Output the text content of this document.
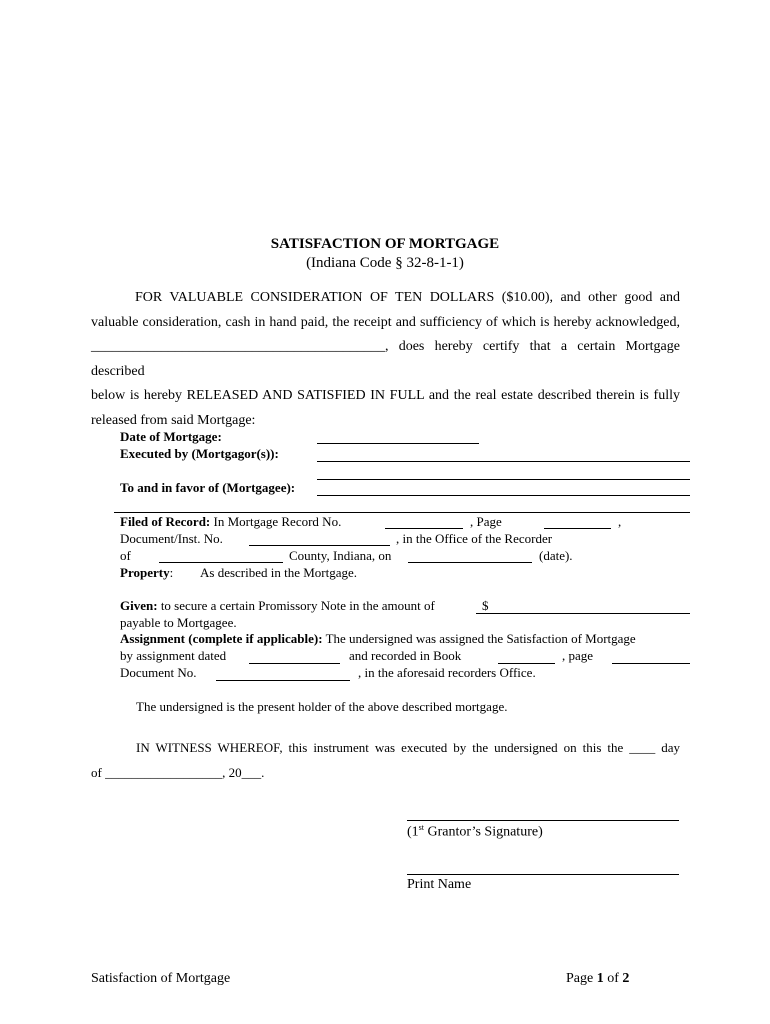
SATISFACTION OF MORTGAGE
(Indiana Code § 32-8-1-1)
FOR VALUABLE CONSIDERATION OF TEN DOLLARS ($10.00), and other good and
valuable consideration, cash in hand paid, the receipt and sufficiency of which is hereby acknowledged,
__________________________________________, does hereby certify that a certain Mortgage described
below is hereby RELEASED AND SATISFIED IN FULL and the real estate described therein is fully
released from said Mortgage:
Date of Mortgage:
Executed by (Mortgagor(s)):
To and in favor of (Mortgagee):
Filed of Record: In Mortgage Record No.	, Page	,
Document/Inst. No.	, in the Office of the Recorder
of	County, Indiana, on	(date).
Property: As described in the Mortgage.
Given: to secure a certain Promissory Note in the amount of	$
payable to Mortgagee.
Assignment (complete if applicable): The undersigned was assigned the Satisfaction of Mortgage
by assignment dated	and recorded in Book	, page
Document No.	, in the aforesaid recorders Office.
The undersigned is the present holder of the above described mortgage.
IN WITNESS WHEREOF, this instrument was executed by the undersigned on this the ____ day
of __________________, 20___.
(1st Grantor’s Signature)
Print Name
Satisfaction of Mortgage	Page 1 of 2
